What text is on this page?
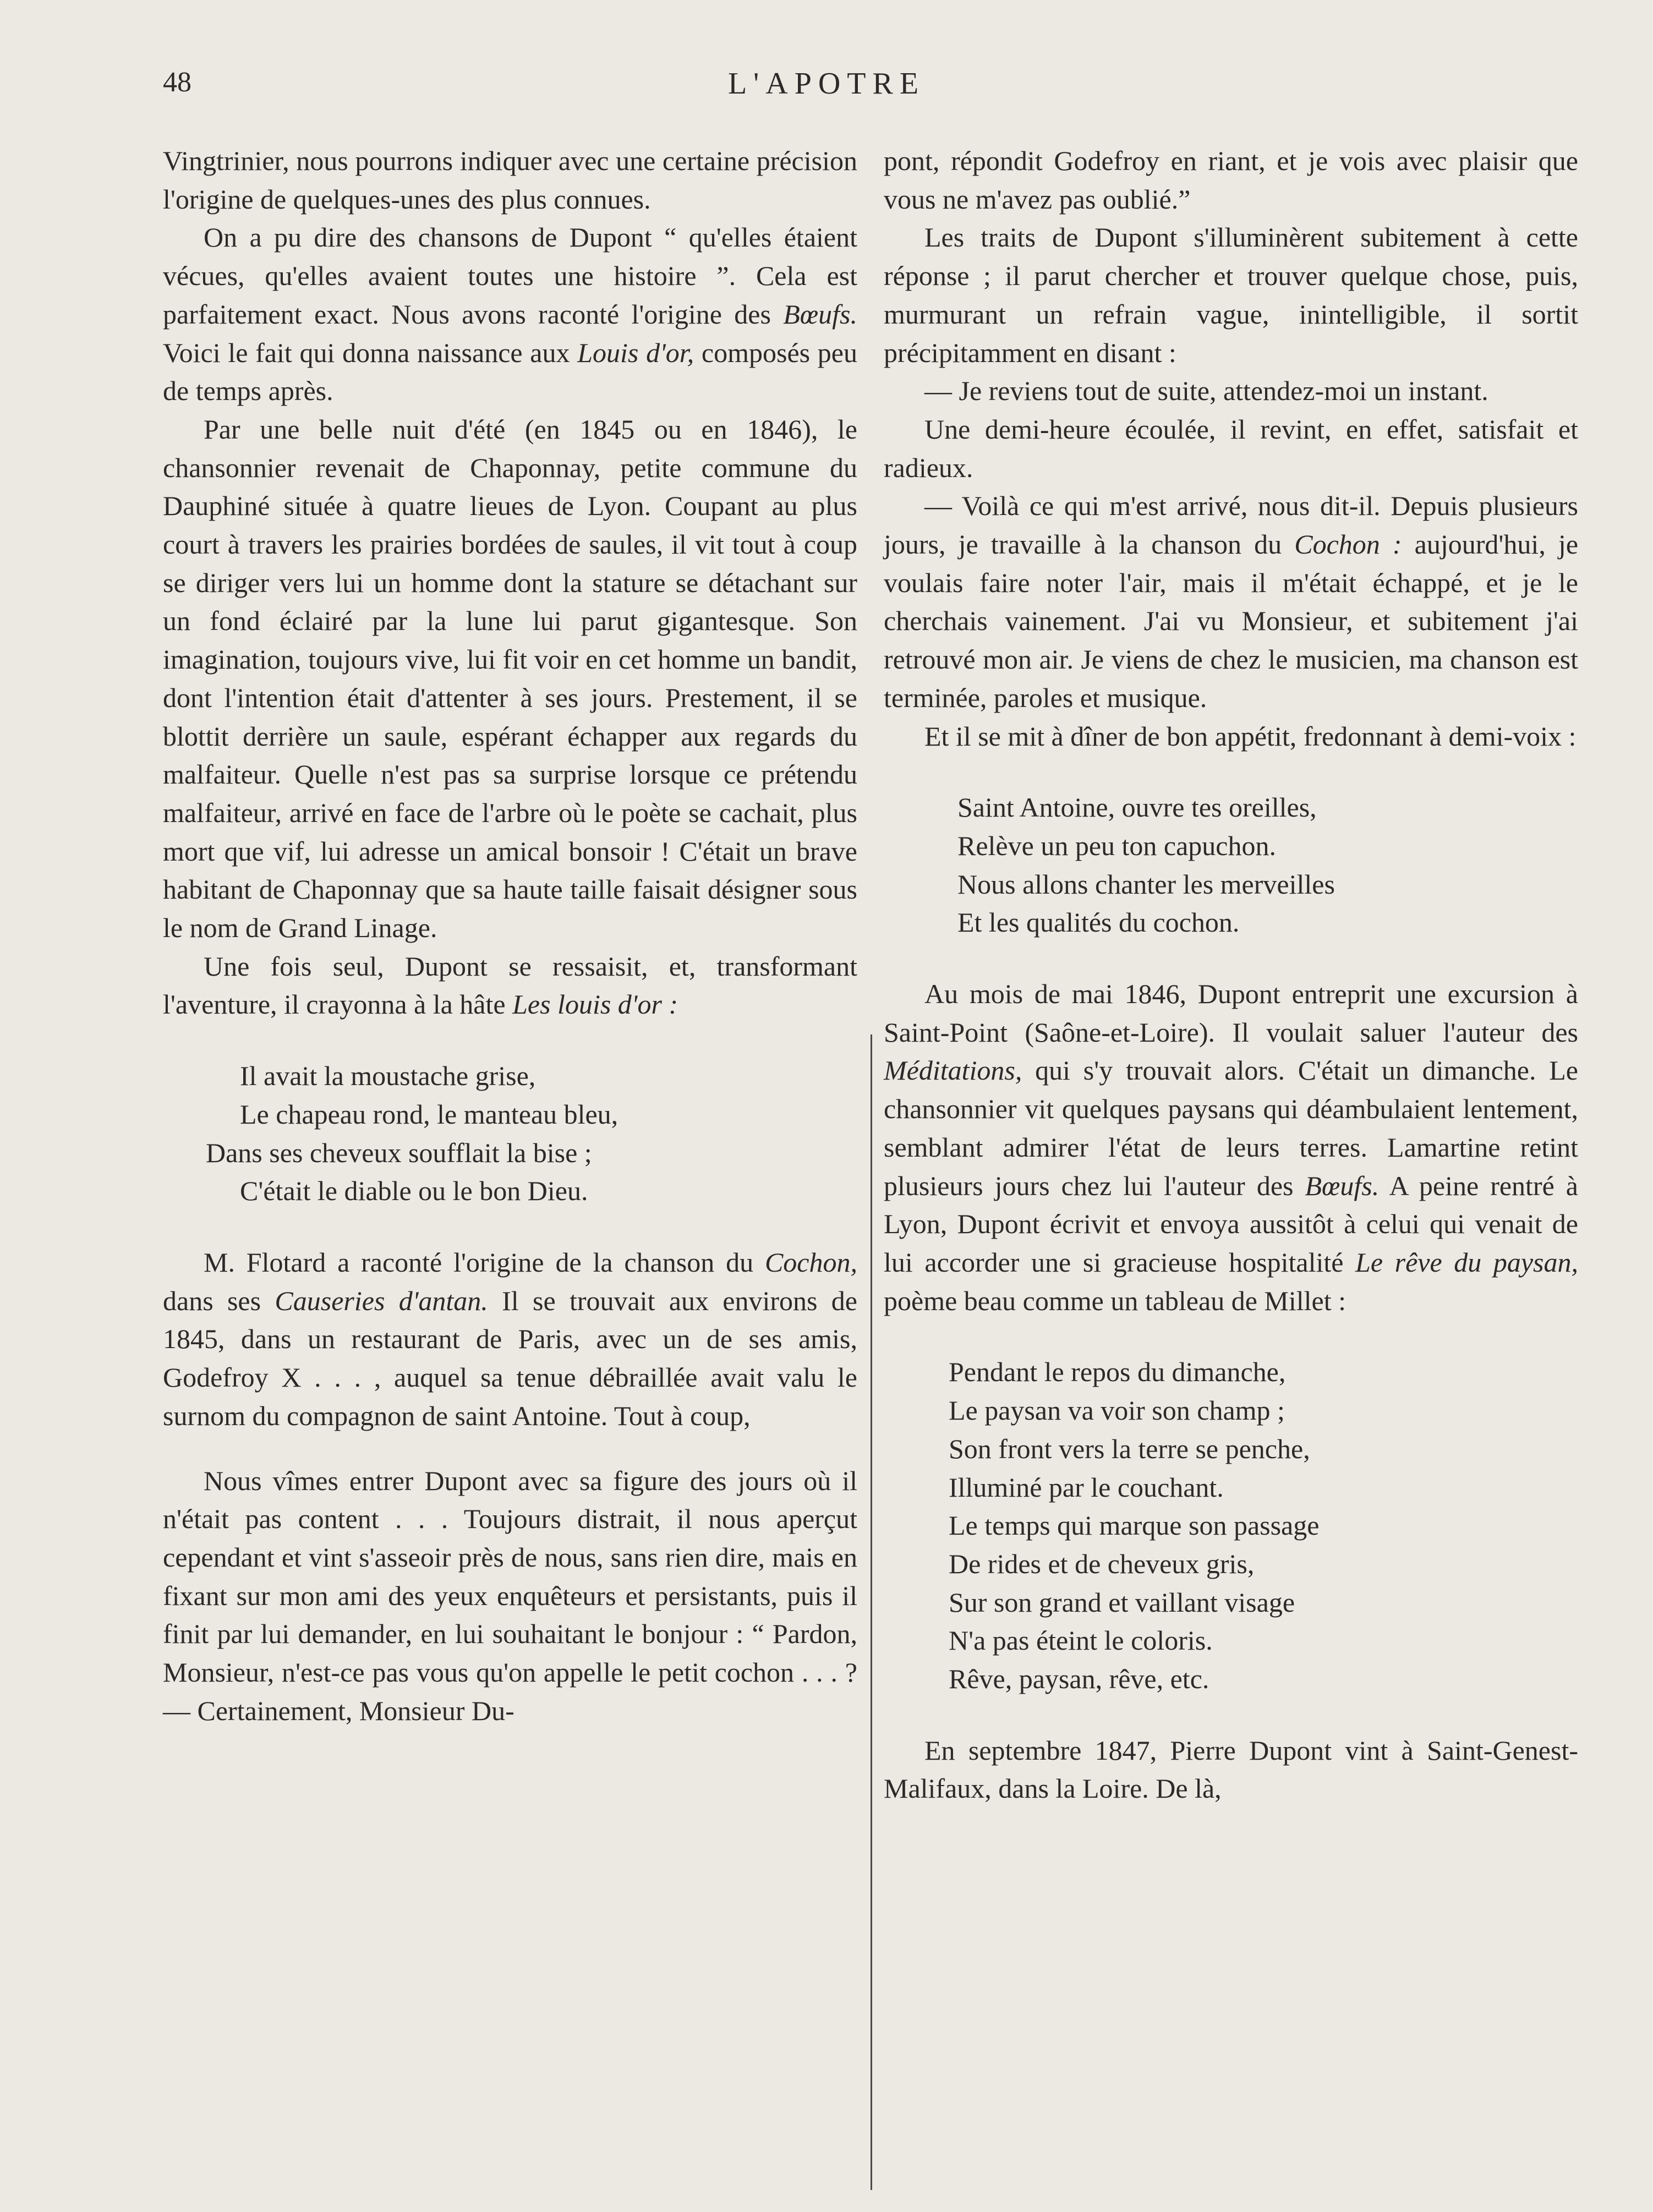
48	L'APOTRE

Vingtrinier, nous pourrons indiquer avec une certaine précision l'origine de quelques-unes des plus connues.

On a pu dire des chansons de Dupont “ qu'elles étaient vécues, qu'elles avaient toutes une histoire ”. Cela est parfaitement exact. Nous avons raconté l'origine des Bœufs. Voici le fait qui donna naissance aux Louis d'or, composés peu de temps après.

Par une belle nuit d'été (en 1845 ou en 1846), le chansonnier revenait de Chaponnay, petite commune du Dauphiné située à quatre lieues de Lyon. Coupant au plus court à travers les prairies bordées de saules, il vit tout à coup se diriger vers lui un homme dont la stature se détachant sur un fond éclairé par la lune lui parut gigantesque. Son imagination, toujours vive, lui fit voir en cet homme un bandit, dont l'intention était d'attenter à ses jours. Prestement, il se blottit derrière un saule, espérant échapper aux regards du malfaiteur. Quelle n'est pas sa surprise lorsque ce prétendu malfaiteur, arrivé en face de l'arbre où le poète se cachait, plus mort que vif, lui adresse un amical bonsoir ! C'était un brave habitant de Chaponnay que sa haute taille faisait désigner sous le nom de Grand Linage.

Une fois seul, Dupont se ressaisit, et, transformant l'aventure, il crayonna à la hâte Les louis d'or :

Il avait la moustache grise,
Le chapeau rond, le manteau bleu,
Dans ses cheveux soufflait la bise ;
C'était le diable ou le bon Dieu.

M. Flotard a raconté l'origine de la chanson du Cochon, dans ses Causeries d'antan. Il se trouvait aux environs de 1845, dans un restaurant de Paris, avec un de ses amis, Godefroy X . . . , auquel sa tenue débraillée avait valu le surnom du compagnon de saint Antoine. Tout à coup,

Nous vîmes entrer Dupont avec sa figure des jours où il n'était pas content . . . Toujours distrait, il nous aperçut cependant et vint s'asseoir près de nous, sans rien dire, mais en fixant sur mon ami des yeux enquêteurs et persistants, puis il finit par lui demander, en lui souhaitant le bonjour : “ Pardon, Monsieur, n'est-ce pas vous qu'on appelle le petit cochon . . . ? — Certainement, Monsieur Du-

pont, répondit Godefroy en riant, et je vois avec plaisir que vous ne m'avez pas oublié.”

Les traits de Dupont s'illuminèrent subitement à cette réponse ; il parut chercher et trouver quelque chose, puis, murmurant un refrain vague, inintelligible, il sortit précipitamment en disant :

— Je reviens tout de suite, attendez-moi un instant.

Une demi-heure écoulée, il revint, en effet, satisfait et radieux.

— Voilà ce qui m'est arrivé, nous dit-il. Depuis plusieurs jours, je travaille à la chanson du Cochon : aujourd'hui, je voulais faire noter l'air, mais il m'était échappé, et je le cherchais vainement. J'ai vu Monsieur, et subitement j'ai retrouvé mon air. Je viens de chez le musicien, ma chanson est terminée, paroles et musique.

Et il se mit à dîner de bon appétit, fredonnant à demi-voix :

Saint Antoine, ouvre tes oreilles,
Relève un peu ton capuchon.
Nous allons chanter les merveilles
Et les qualités du cochon.

Au mois de mai 1846, Dupont entreprit une excursion à Saint-Point (Saône-et-Loire). Il voulait saluer l'auteur des Méditations, qui s'y trouvait alors. C'était un dimanche. Le chansonnier vit quelques paysans qui déambulaient lentement, semblant admirer l'état de leurs terres. Lamartine retint plusieurs jours chez lui l'auteur des Bœufs. A peine rentré à Lyon, Dupont écrivit et envoya aussitôt à celui qui venait de lui accorder une si gracieuse hospitalité Le rêve du paysan, poème beau comme un tableau de Millet :

Pendant le repos du dimanche,
Le paysan va voir son champ ;
Son front vers la terre se penche,
Illuminé par le couchant.
Le temps qui marque son passage
De rides et de cheveux gris,
Sur son grand et vaillant visage
N'a pas éteint le coloris.
Rêve, paysan, rêve, etc.

En septembre 1847, Pierre Dupont vint à Saint-Genest-Malifaux, dans la Loire. De là,
